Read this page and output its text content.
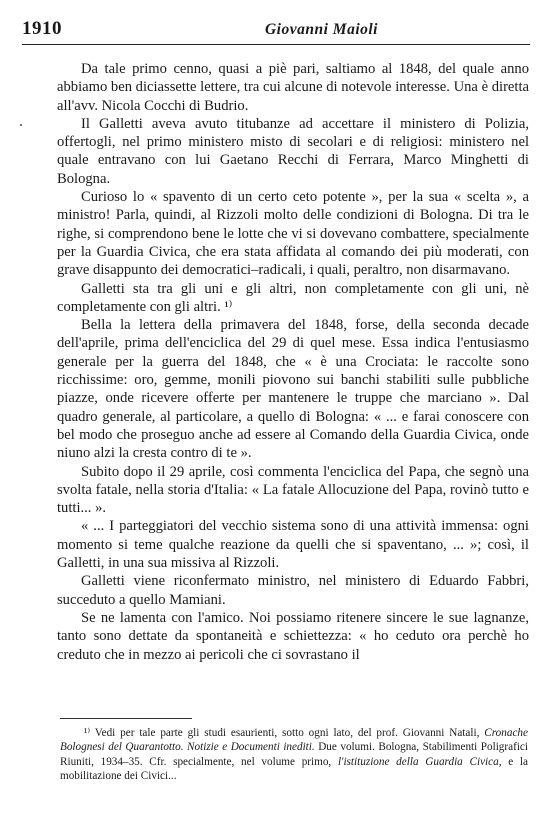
1910	Giovanni Maioli

Da tale primo cenno, quasi a piè pari, saltiamo al 1848, del quale anno abbiamo ben diciassette lettere, tra cui alcune di notevole interesse. Una è diretta all'avv. Nicola Cocchi di Budrio.

Il Galletti aveva avuto titubanze ad accettare il ministero di Polizia, offertogli, nel primo ministero misto di secolari e di religiosi: ministero nel quale entravano con lui Gaetano Recchi di Ferrara, Marco Minghetti di Bologna.

Curioso lo « spavento di un certo ceto potente », per la sua « scelta », a ministro! Parla, quindi, al Rizzoli molto delle condizioni di Bologna. Di tra le righe, si comprendono bene le lotte che vi si dovevano combattere, specialmente per la Guardia Civica, che era stata affidata al comando dei più moderati, con grave disappunto dei democratici–radicali, i quali, peraltro, non disarmavano.

Galletti sta tra gli uni e gli altri, non completamente con gli uni, nè completamente con gli altri. ¹⁾

Bella la lettera della primavera del 1848, forse, della seconda decade dell'aprile, prima dell'enciclica del 29 di quel mese. Essa indica l'entusiasmo generale per la guerra del 1848, che « è una Crociata: le raccolte sono ricchissime: oro, gemme, monili piovono sui banchi stabiliti sulle pubbliche piazze, onde ricevere offerte per mantenere le truppe che marciano ». Dal quadro generale, al particolare, a quello di Bologna: « ... e farai conoscere con bel modo che proseguo anche ad essere al Comando della Guardia Civica, onde niuno alzi la cresta contro di te ».

Subito dopo il 29 aprile, così commenta l'enciclica del Papa, che segnò una svolta fatale, nella storia d'Italia: « La fatale Allocuzione del Papa, rovinò tutto e tutti... ».

« ... I parteggiatori del vecchio sistema sono di una attività immensa: ogni momento si teme qualche reazione da quelli che si spaventano, ... »; così, il Galletti, in una sua missiva al Rizzoli.

Galletti viene riconfermato ministro, nel ministero di Eduardo Fabbri, succeduto a quello Mamiani.

Se ne lamenta con l'amico. Noi possiamo ritenere sincere le sue lagnanze, tanto sono dettate da spontaneità e schiettezza: « ho ceduto ora perchè ho creduto che in mezzo ai pericoli che ci sovrastano il

¹⁾ Vedi per tale parte gli studi esaurienti, sotto ogni lato, del prof. Giovanni Natali, Cronache Bolognesi del Quarantotto. Notizie e Documenti inediti. Due volumi. Bologna, Stabilimenti Poligrafici Riuniti, 1934–35. Cfr. specialmente, nel volume primo, l'istituzione della Guardia Civica, e la mobilitazione dei Civici...
